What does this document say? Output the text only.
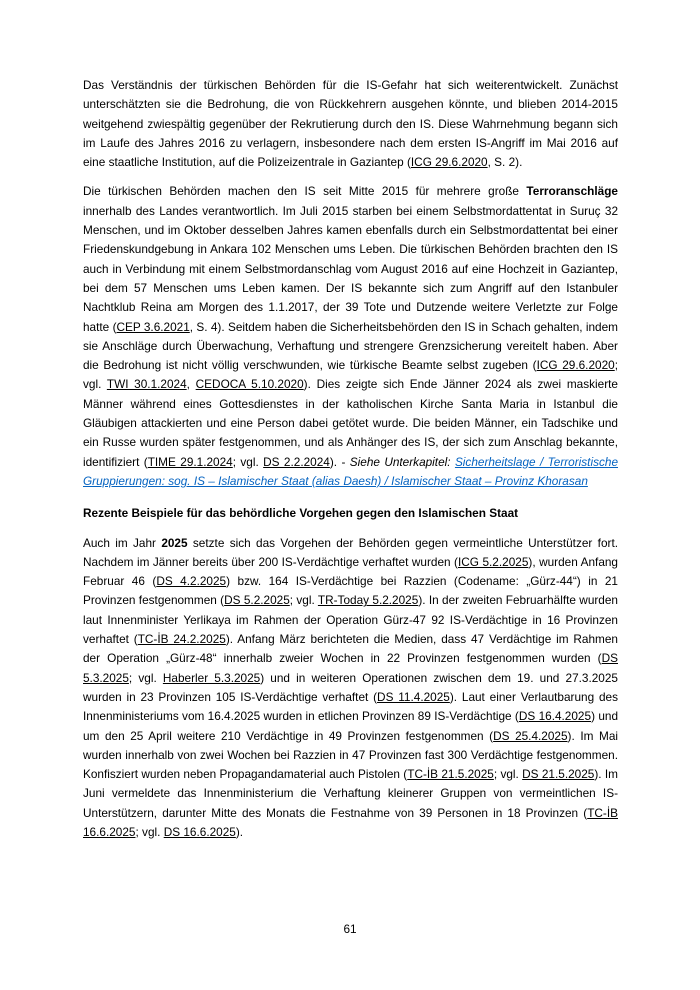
Das Verständnis der türkischen Behörden für die IS-Gefahr hat sich weiterentwickelt. Zunächst unterschätzten sie die Bedrohung, die von Rückkehrern ausgehen könnte, und blieben 2014-2015 weitgehend zwiespältig gegenüber der Rekrutierung durch den IS. Diese Wahrnehmung begann sich im Laufe des Jahres 2016 zu verlagern, insbesondere nach dem ersten IS-Angriff im Mai 2016 auf eine staatliche Institution, auf die Polizeizentrale in Gaziantep (ICG 29.6.2020, S. 2).

Die türkischen Behörden machen den IS seit Mitte 2015 für mehrere große Terroranschläge innerhalb des Landes verantwortlich. Im Juli 2015 starben bei einem Selbstmordattentat in Suruç 32 Menschen, und im Oktober desselben Jahres kamen ebenfalls durch ein Selbstmordattentat bei einer Friedenskundgebung in Ankara 102 Menschen ums Leben. Die türkischen Behörden brachten den IS auch in Verbindung mit einem Selbstmordanschlag vom August 2016 auf eine Hochzeit in Gaziantep, bei dem 57 Menschen ums Leben kamen. Der IS bekannte sich zum Angriff auf den Istanbuler Nachtklub Reina am Morgen des 1.1.2017, der 39 Tote und Dutzende weitere Verletzte zur Folge hatte (CEP 3.6.2021, S. 4). Seitdem haben die Sicherheitsbehörden den IS in Schach gehalten, indem sie Anschläge durch Überwachung, Verhaftung und strengere Grenzsicherung vereitelt haben. Aber die Bedrohung ist nicht völlig verschwunden, wie türkische Beamte selbst zugeben (ICG 29.6.2020; vgl. TWI 30.1.2024, CEDOCA 5.10.2020). Dies zeigte sich Ende Jänner 2024 als zwei maskierte Männer während eines Gottesdienstes in der katholischen Kirche Santa Maria in Istanbul die Gläubigen attackierten und eine Person dabei getötet wurde. Die beiden Männer, ein Tadschike und ein Russe wurden später festgenommen, und als Anhänger des IS, der sich zum Anschlag bekannte, identifiziert (TIME 29.1.2024; vgl. DS 2.2.2024). - Siehe Unterkapitel: Sicherheitslage / Terroristische Gruppierungen: sog. IS – Islamischer Staat (alias Daesh) / Islamischer Staat – Provinz Khorasan

Rezente Beispiele für das behördliche Vorgehen gegen den Islamischen Staat

Auch im Jahr 2025 setzte sich das Vorgehen der Behörden gegen vermeintliche Unterstützer fort. Nachdem im Jänner bereits über 200 IS-Verdächtige verhaftet wurden (ICG 5.2.2025), wurden Anfang Februar 46 (DS 4.2.2025) bzw. 164 IS-Verdächtige bei Razzien (Codename: „Gürz-44“) in 21 Provinzen festgenommen (DS 5.2.2025; vgl. TR-Today 5.2.2025). In der zweiten Februarhälfte wurden laut Innenminister Yerlikaya im Rahmen der Operation Gürz-47 92 IS-Verdächtige in 16 Provinzen verhaftet (TC-İB 24.2.2025). Anfang März berichteten die Medien, dass 47 Verdächtige im Rahmen der Operation „Gürz-48“ innerhalb zweier Wochen in 22 Provinzen festgenommen wurden (DS 5.3.2025; vgl. Haberler 5.3.2025) und in weiteren Operationen zwischen dem 19. und 27.3.2025 wurden in 23 Provinzen 105 IS-Verdächtige verhaftet (DS 11.4.2025). Laut einer Verlautbarung des Innenministeriums vom 16.4.2025 wurden in etlichen Provinzen 89 IS-Verdächtige (DS 16.4.2025) und um den 25 April weitere 210 Verdächtige in 49 Provinzen festgenommen (DS 25.4.2025). Im Mai wurden innerhalb von zwei Wochen bei Razzien in 47 Provinzen fast 300 Verdächtige festgenommen. Konfisziert wurden neben Propagandamaterial auch Pistolen (TC-İB 21.5.2025; vgl. DS 21.5.2025). Im Juni vermeldete das Innenministerium die Verhaftung kleinerer Gruppen von vermeintlichen IS-Unterstützern, darunter Mitte des Monats die Festnahme von 39 Personen in 18 Provinzen (TC-İB 16.6.2025; vgl. DS 16.6.2025).

61
